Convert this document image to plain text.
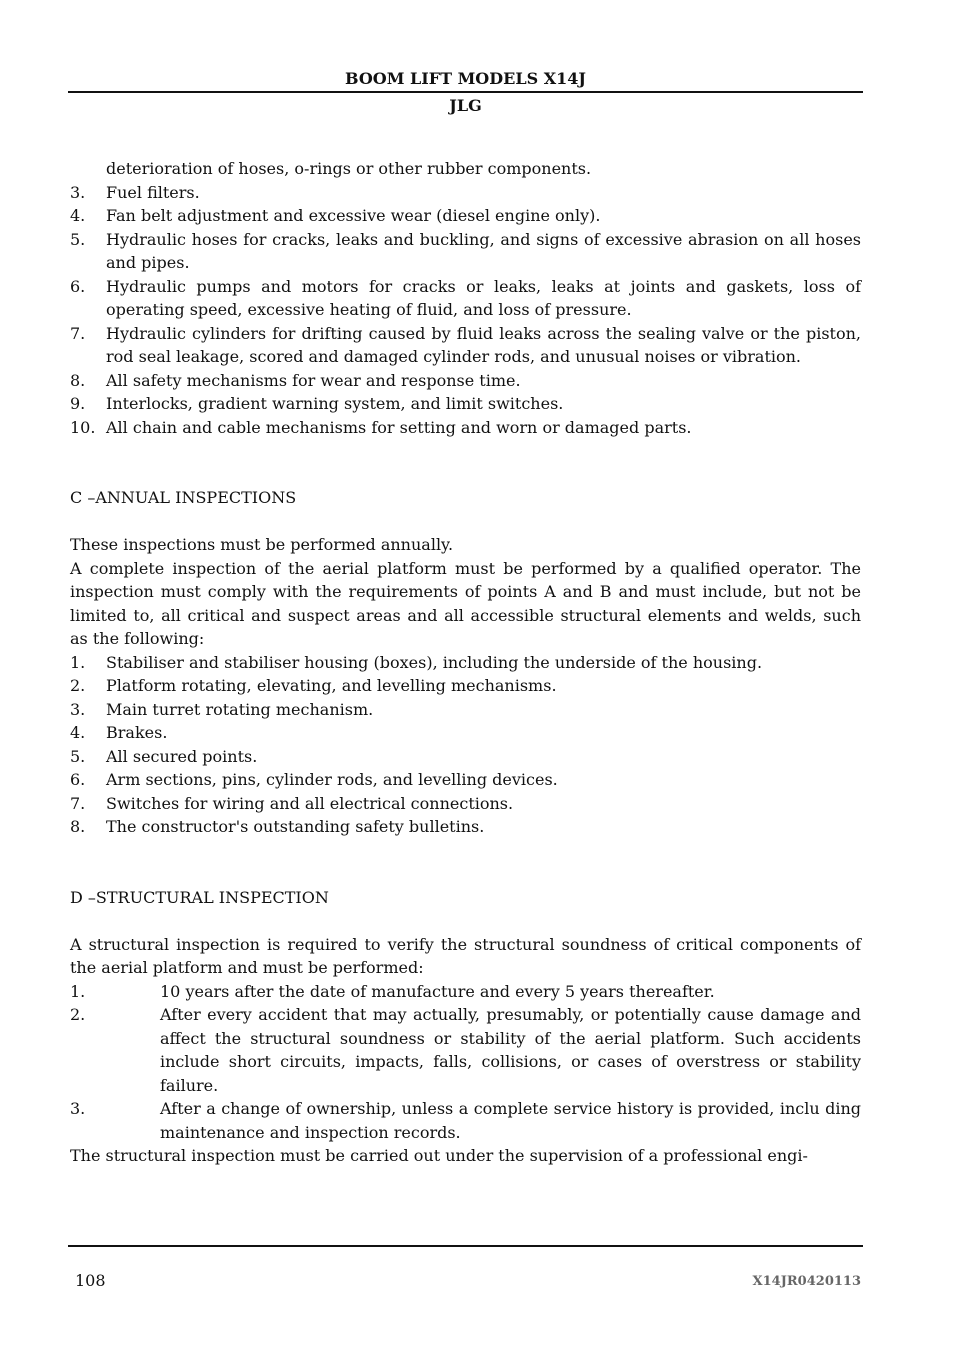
BOOM LIFT MODELS X14J
JLG
deterioration of hoses, o-rings or other rubber components.
3.	Fuel filters.
4.	Fan belt adjustment and excessive wear (diesel engine only).
5.	Hydraulic hoses for cracks, leaks and buckling, and signs of excessive abrasion on all hoses and pipes.
6.	Hydraulic pumps and motors for cracks or leaks, leaks at joints and gaskets, loss of operating speed, excessive heating of fluid, and loss of pressure.
7.	Hydraulic cylinders for drifting caused by fluid leaks across the sealing valve or the piston, rod seal leakage, scored and damaged cylinder rods, and unusual noises or vibration.
8.	All safety mechanisms for wear and response time.
9.	Interlocks, gradient warning system, and limit switches.
10. All chain and cable mechanisms for setting and worn or damaged parts.
C –ANNUAL INSPECTIONS
These inspections must be performed annually.
A complete inspection of the aerial platform must be performed by a qualified operator. The inspection must comply with the requirements of points A and B and must include, but not be limited to, all critical and suspect areas and all accessible structural elements and welds, such as the following:
1.	Stabiliser and stabiliser housing (boxes), including the underside of the housing.
2.	Platform rotating, elevating, and levelling mechanisms.
3.	Main turret rotating mechanism.
4.	Brakes.
5.	All secured points.
6.	Arm sections, pins, cylinder rods, and levelling devices.
7.	Switches for wiring and all electrical connections.
8.	The constructor's outstanding safety bulletins.
D –STRUCTURAL INSPECTION
A structural inspection is required to verify the structural soundness of critical components of the aerial platform and must be performed:
1.	10 years after the date of manufacture and every 5 years thereafter.
2.	After every accident that may actually, presumably, or potentially cause damage and affect the structural soundness or stability of the aerial platform. Such accidents include short circuits, impacts, falls, collisions, or cases of overstress or stability failure.
3.	After a change of ownership, unless a complete service history is provided, inclu ding maintenance and inspection records.
The structural inspection must be carried out under the supervision of a professional engi-
108	X14JR0420113
